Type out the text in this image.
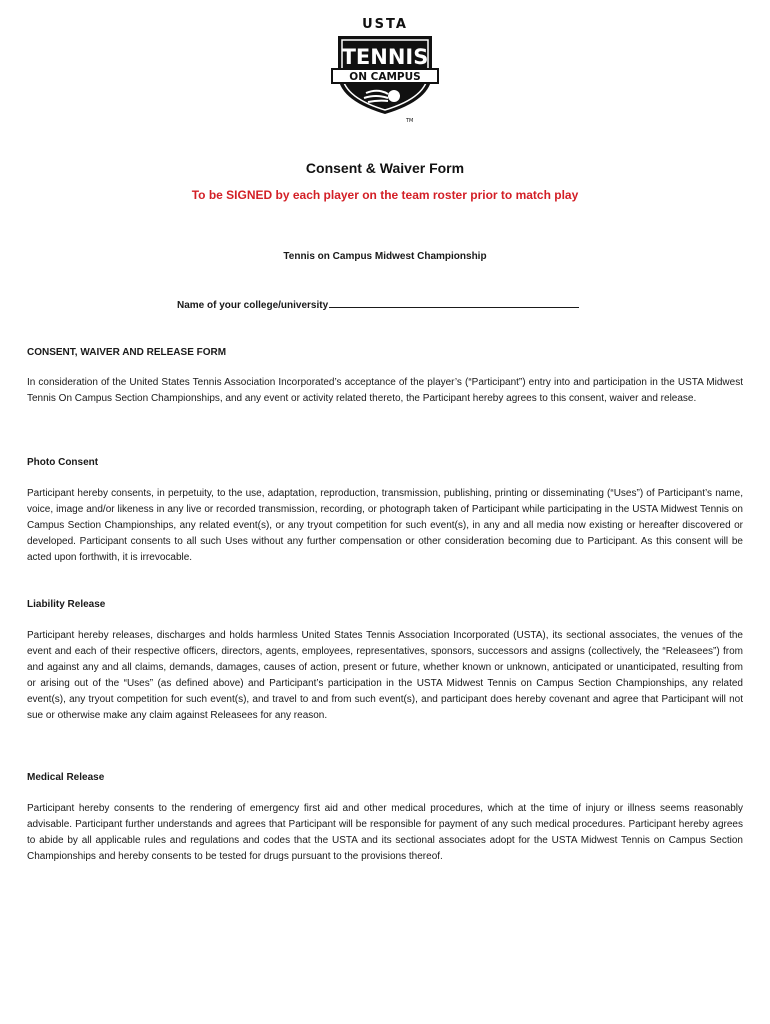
USTA
TENNIS
ON CAMPUS
TM
Consent & Waiver Form
To be SIGNED by each player on the team roster prior to match play
Tennis on Campus Midwest Championship
Name of your college/university
CONSENT, WAIVER AND RELEASE FORM

In consideration of the United States Tennis Association Incorporated’s acceptance of the player’s (“Participant”) entry into and participation in the USTA Midwest Tennis On Campus Section Championships, and any event or activity related thereto, the Participant hereby agrees to this consent, waiver and release.

Photo Consent

Participant hereby consents, in perpetuity, to the use, adaptation, reproduction, transmission, publishing, printing or disseminating (“Uses”) of Participant’s name, voice, image and/or likeness in any live or recorded transmission, recording, or photograph taken of Participant while participating in the USTA Midwest Tennis on Campus Section Championships, any related event(s), or any tryout competition for such event(s), in any and all media now existing or hereafter discovered or developed. Participant consents to all such Uses without any further compensation or other consideration becoming due to Participant. As this consent will be acted upon forthwith, it is irrevocable.

Liability Release

Participant hereby releases, discharges and holds harmless United States Tennis Association Incorporated (USTA), its sectional associates, the venues of the event and each of their respective officers, directors, agents, employees, representatives, sponsors, successors and assigns (collectively, the “Releasees”) from and against any and all claims, demands, damages, causes of action, present or future, whether known or unknown, anticipated or unanticipated, resulting from or arising out of the “Uses” (as defined above) and Participant’s participation in the USTA Midwest Tennis on Campus Section Championships, any related event(s), any tryout competition for such event(s), and travel to and from such event(s), and participant does hereby covenant and agree that Participant will not sue or otherwise make any claim against Releasees for any reason.

Medical Release

Participant hereby consents to the rendering of emergency first aid and other medical procedures, which at the time of injury or illness seems reasonably advisable. Participant further understands and agrees that Participant will be responsible for payment of any such medical procedures. Participant hereby agrees to abide by all applicable rules and regulations and codes that the USTA and its sectional associates adopt for the USTA Midwest Tennis on Campus Section Championships and hereby consents to be tested for drugs pursuant to the provisions thereof.
